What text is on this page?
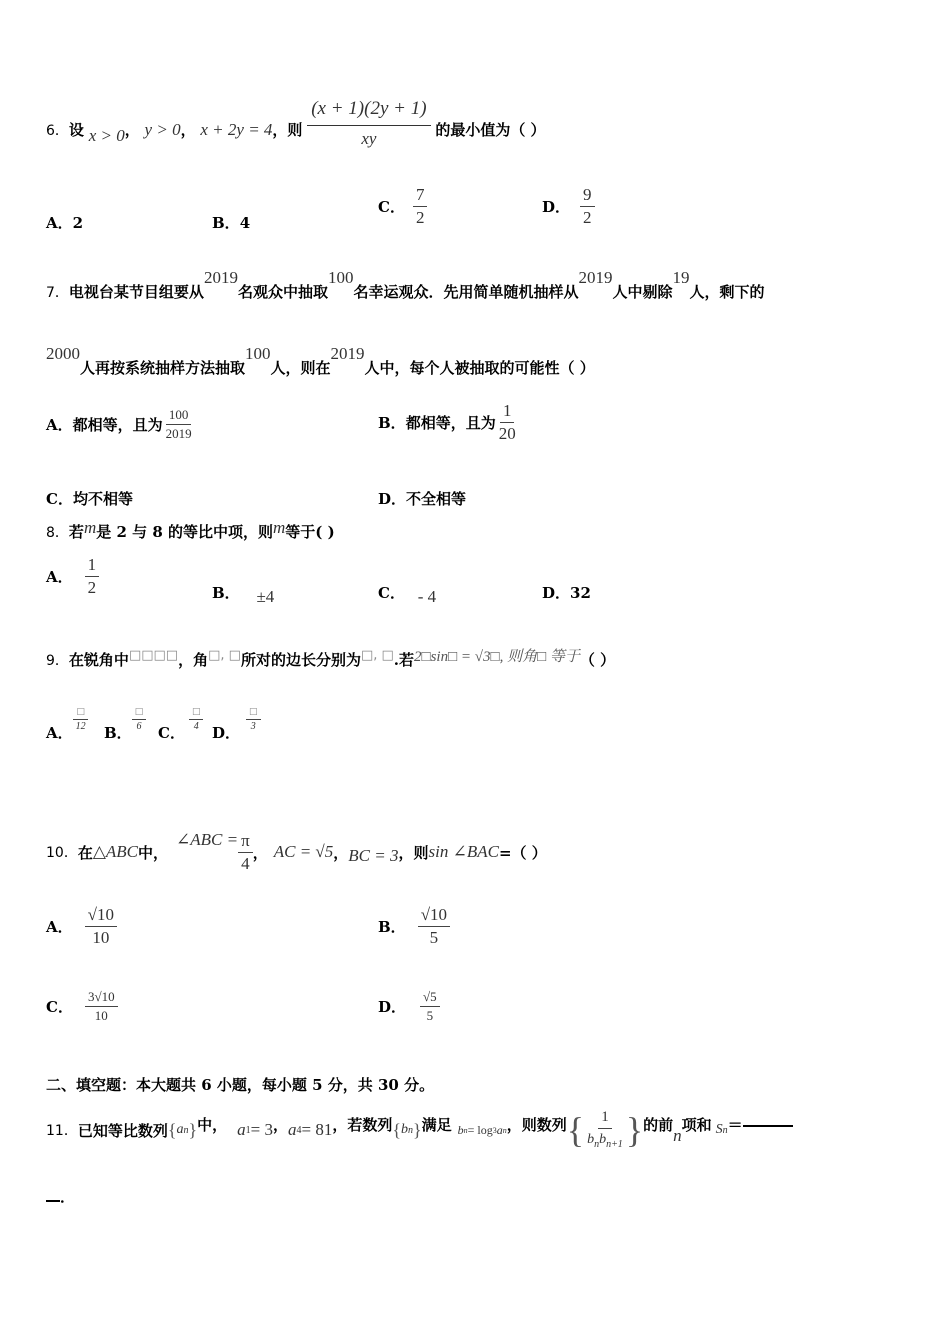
6．设 x > 0， y > 0， x + 2y = 4，则 $\frac{(x + 1)(2y + 1)}{xy}$ 的最小值为（ ）
A．2	B．4
C． $\frac{7}{2}$	D． $\frac{9}{2}$
7．电视台某节目组要从2019名观众中抽取100名幸运观众．先用简单随机抽样从2019人中剔除19人，剩下的
2000人再按系统抽样方法抽取100人，则在2019人中，每个人被抽取的可能性（ ）
A． 都相等，且为 $\frac{100}{2019}$	B． 都相等，且为 $\frac{1}{20}$
C．均不相等	D．不全相等
8．若m是 2 与 8 的等比中项，则m等于( )
A． $\frac{1}{2}$	B． ±4	C． - 4	D．32
9．在锐角中□□□□，角□, □所对的边长分别为□, □.若2□sin□ = √3□, 则角□ 等于（ ）
A． $\frac{□}{12}$ B． $\frac{□}{6}$ C． $\frac{□}{4}$ D． $\frac{□}{3}$
10． 在 △ABC 中，
∠ABC = $\frac{\pi}{4}$ ， AC = √5 ， BC = 3 ，则 sin ∠BAC =（ ）
A． $\frac{√10}{10}$	B． $\frac{√10}{5}$
C． $\frac{3√10}{10}$	D． $\frac{√5}{5}$
二、填空题：本大题共 6 小题，每小题 5 分，共 30 分。
11． 已知等比数列 { a n } 中， a 1 = 3 ， a 4 = 81 ，若数列 { b n } 满足 b n = log 3 a n ，则数列 { $\frac{1}{b_nb_{n+1}}$ } 的前
n
项和 S n ＝
．
